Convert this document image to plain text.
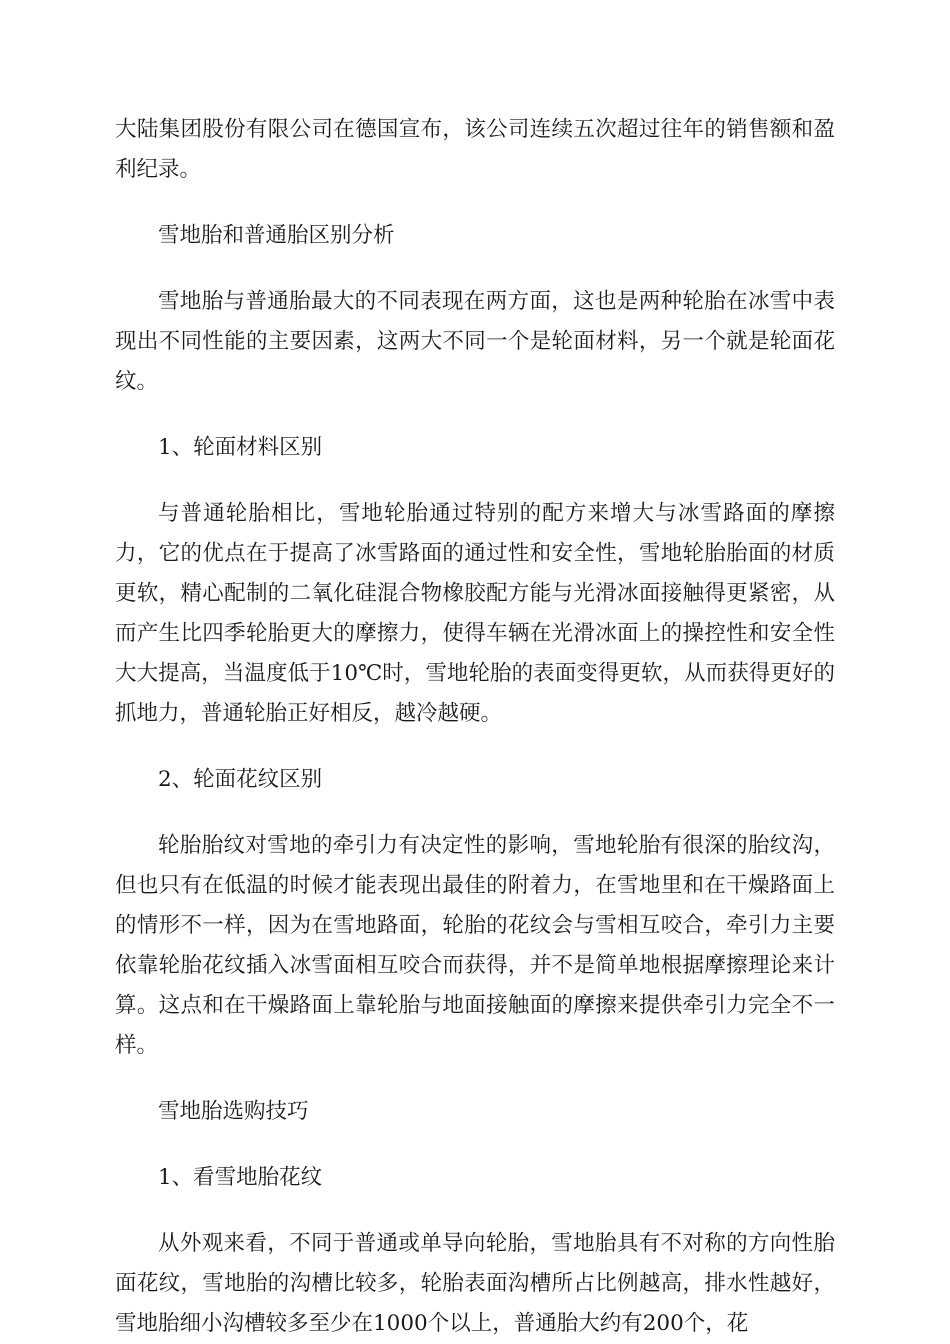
大陆集团股份有限公司在德国宣布，该公司连续五次超过往年的销售额和盈利纪录。

雪地胎和普通胎区别分析

雪地胎与普通胎最大的不同表现在两方面，这也是两种轮胎在冰雪中表现出不同性能的主要因素，这两大不同一个是轮面材料，另一个就是轮面花纹。

1、轮面材料区别

与普通轮胎相比，雪地轮胎通过特别的配方来增大与冰雪路面的摩擦力，它的优点在于提高了冰雪路面的通过性和安全性，雪地轮胎胎面的材质更软，精心配制的二氧化硅混合物橡胶配方能与光滑冰面接触得更紧密，从而产生比四季轮胎更大的摩擦力，使得车辆在光滑冰面上的操控性和安全性大大提高，当温度低于10℃时，雪地轮胎的表面变得更软，从而获得更好的抓地力，普通轮胎正好相反，越冷越硬。

2、轮面花纹区别

轮胎胎纹对雪地的牵引力有决定性的影响，雪地轮胎有很深的胎纹沟，但也只有在低温的时候才能表现出最佳的附着力，在雪地里和在干燥路面上的情形不一样，因为在雪地路面，轮胎的花纹会与雪相互咬合，牵引力主要依靠轮胎花纹插入冰雪面相互咬合而获得，并不是简单地根据摩擦理论来计算。这点和在干燥路面上靠轮胎与地面接触面的摩擦来提供牵引力完全不一样。

雪地胎选购技巧

1、看雪地胎花纹

从外观来看，不同于普通或单导向轮胎，雪地胎具有不对称的方向性胎面花纹，雪地胎的沟槽比较多，轮胎表面沟槽所占比例越高，排水性越好，雪地胎细小沟槽较多至少在1000个以上，普通胎大约有200个，花
